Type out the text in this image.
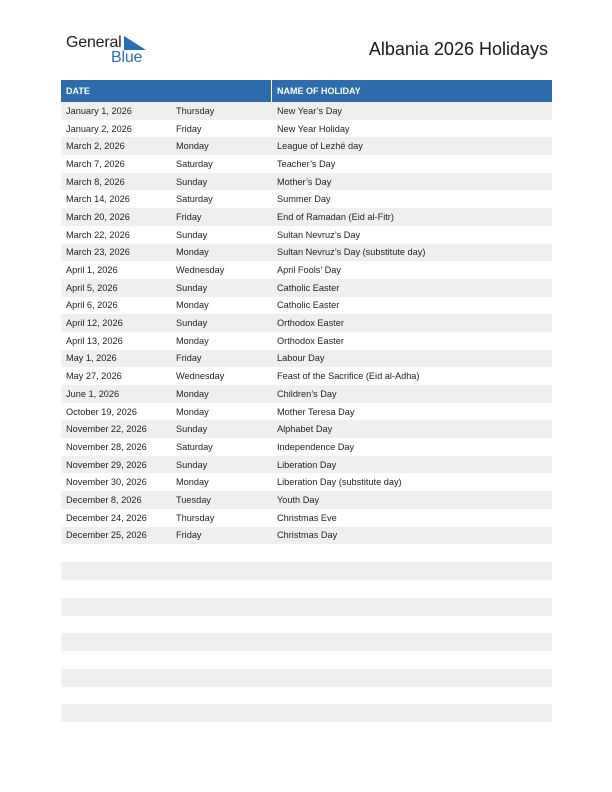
General
Blue	Albania 2026 Holidays
DATE	NAME OF HOLIDAY
January 1, 2026	Thursday	New Year’s Day
January 2, 2026	Friday	New Year Holiday
March 2, 2026	Monday	League of Lezhë day
March 7, 2026	Saturday	Teacher’s Day
March 8, 2026	Sunday	Mother’s Day
March 14, 2026	Saturday	Summer Day
March 20, 2026	Friday	End of Ramadan (Eid al-Fitr)
March 22, 2026	Sunday	Sultan Nevruz’s Day
March 23, 2026	Monday	Sultan Nevruz’s Day (substitute day)
April 1, 2026	Wednesday	April Fools’ Day
April 5, 2026	Sunday	Catholic Easter
April 6, 2026	Monday	Catholic Easter
April 12, 2026	Sunday	Orthodox Easter
April 13, 2026	Monday	Orthodox Easter
May 1, 2026	Friday	Labour Day
May 27, 2026	Wednesday	Feast of the Sacrifice (Eid al-Adha)
June 1, 2026	Monday	Children’s Day
October 19, 2026	Monday	Mother Teresa Day
November 22, 2026	Sunday	Alphabet Day
November 28, 2026	Saturday	Independence Day
November 29, 2026	Sunday	Liberation Day
November 30, 2026	Monday	Liberation Day (substitute day)
December 8, 2026	Tuesday	Youth Day
December 24, 2026	Thursday	Christmas Eve
December 25, 2026	Friday	Christmas Day
